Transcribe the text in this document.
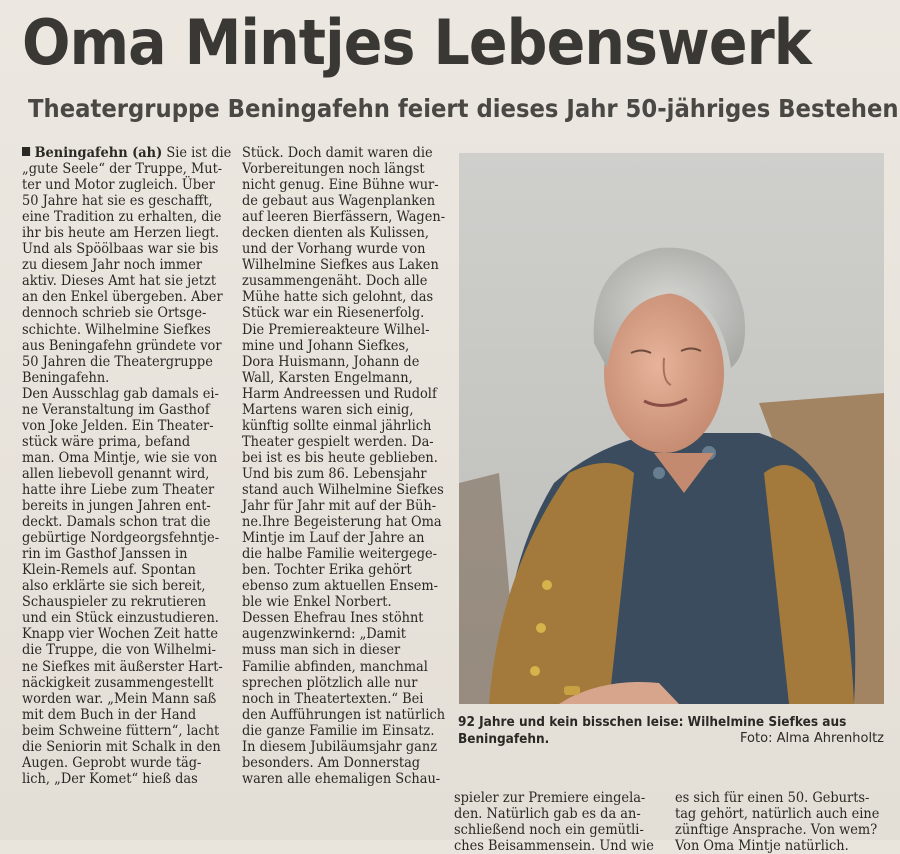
Oma Mintjes Lebenswerk
Theatergruppe Beningafehn feiert dieses Jahr 50-jähriges Bestehen
Beningafehn (ah) Sie ist die
„gute Seele“ der Truppe, Mut-
ter und Motor zugleich. Über
50 Jahre hat sie es geschafft,
eine Tradition zu erhalten, die
ihr bis heute am Herzen liegt.
Und als Spöölbaas war sie bis
zu diesem Jahr noch immer
aktiv. Dieses Amt hat sie jetzt
an den Enkel übergeben. Aber
dennoch schrieb sie Ortsge-
schichte. Wilhelmine Siefkes
aus Beningafehn gründete vor
50 Jahren die Theatergruppe
Beningafehn.
Den Ausschlag gab damals ei-
ne Veranstaltung im Gasthof
von Joke Jelden. Ein Theater-
stück wäre prima, befand
man. Oma Mintje, wie sie von
allen liebevoll genannt wird,
hatte ihre Liebe zum Theater
bereits in jungen Jahren ent-
deckt. Damals schon trat die
gebürtige Nordgeorgsfehntje-
rin im Gasthof Janssen in
Klein-Remels auf. Spontan
also erklärte sie sich bereit,
Schauspieler zu rekrutieren
und ein Stück einzustudieren.
Knapp vier Wochen Zeit hatte
die Truppe, die von Wilhelmi-
ne Siefkes mit äußerster Hart-
näckigkeit zusammengestellt
worden war. „Mein Mann saß
mit dem Buch in der Hand
beim Schweine füttern“, lacht
die Seniorin mit Schalk in den
Augen. Geprobt wurde täg-
lich, „Der Komet“ hieß das
Stück. Doch damit waren die
Vorbereitungen noch längst
nicht genug. Eine Bühne wur-
de gebaut aus Wagenplanken
auf leeren Bierfässern, Wagen-
decken dienten als Kulissen,
und der Vorhang wurde von
Wilhelmine Siefkes aus Laken
zusammengenäht. Doch alle
Mühe hatte sich gelohnt, das
Stück war ein Riesenerfolg.
Die Premiereakteure Wilhel-
mine und Johann Siefkes,
Dora Huismann, Johann de
Wall, Karsten Engelmann,
Harm Andreessen und Rudolf
Martens waren sich einig,
künftig sollte einmal jährlich
Theater gespielt werden. Da-
bei ist es bis heute geblieben.
Und bis zum 86. Lebensjahr
stand auch Wilhelmine Siefkes
Jahr für Jahr mit auf der Büh-
ne.Ihre Begeisterung hat Oma
Mintje im Lauf der Jahre an
die halbe Familie weitergege-
ben. Tochter Erika gehört
ebenso zum aktuellen Ensem-
ble wie Enkel Norbert.
Dessen Ehefrau Ines stöhnt
augenzwinkernd: „Damit
muss man sich in dieser
Familie abfinden, manchmal
sprechen plötzlich alle nur
noch in Theatertexten.“ Bei
den Aufführungen ist natürlich
die ganze Familie im Einsatz.
In diesem Jubiläumsjahr ganz
besonders. Am Donnerstag
waren alle ehemaligen Schau-
spieler zur Premiere eingela-
den. Natürlich gab es da an-
schließend noch ein gemütli-
ches Beisammensein. Und wie
es sich für einen 50. Geburts-
tag gehört, natürlich auch eine
zünftige Ansprache. Von wem?
Von Oma Mintje natürlich.
92 Jahre und kein bisschen leise: Wilhelmine Siefkes aus
Beningafehn.	Foto: Alma Ahrenholtz
